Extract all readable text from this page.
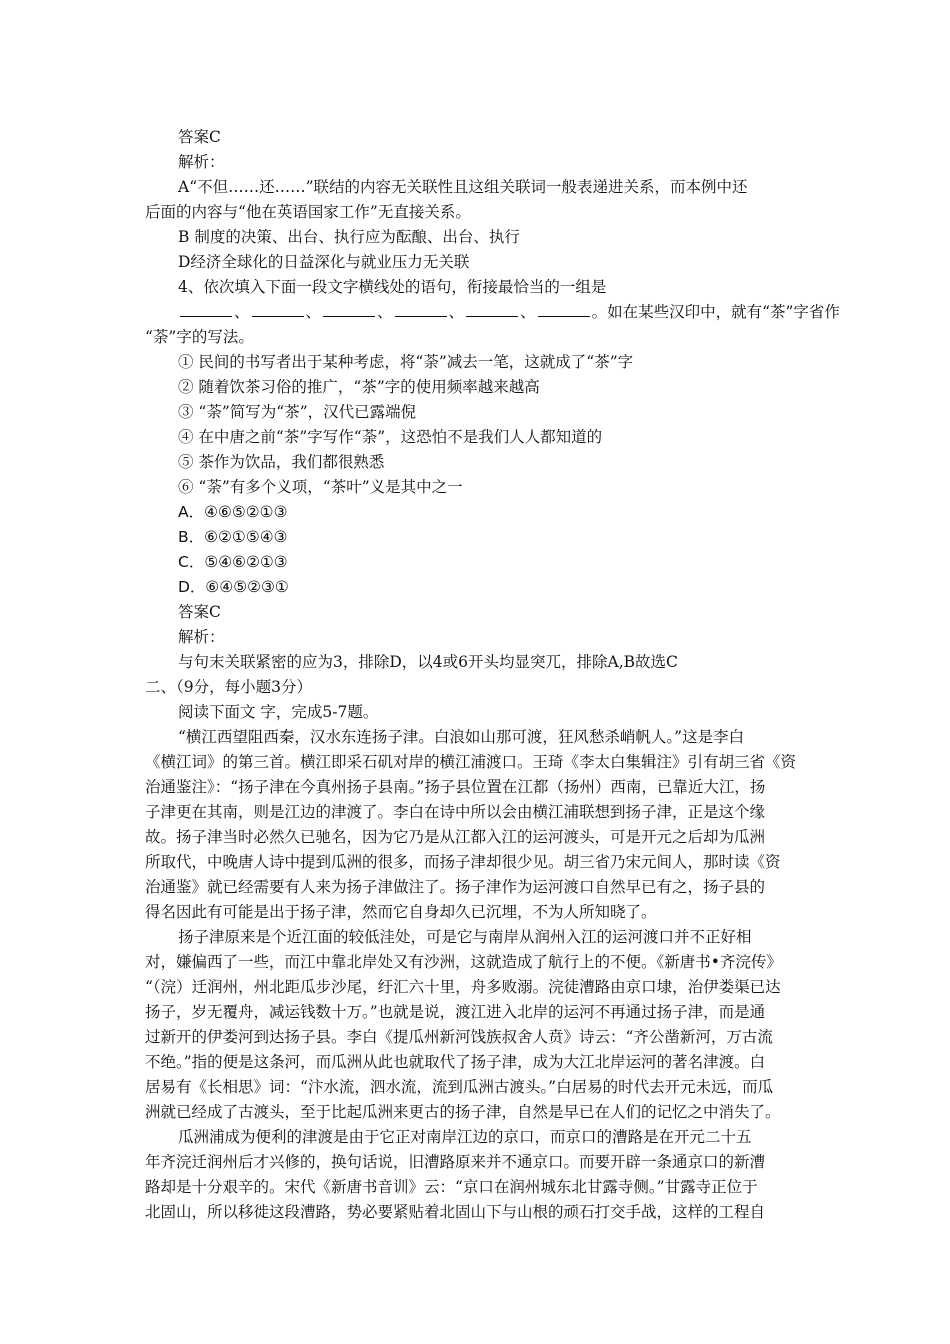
答案C
解析：
A“不但……还……”联结的内容无关联性且这组关联词一般表递进关系，而本例中还
后面的内容与“他在英语国家工作”无直接关系。
B 制度的决策、出台、执行应为酝酿、出台、执行
D经济全球化的日益深化与就业压力无关联
4、依次填入下面一段文字横线处的语句，衔接最恰当的一组是
、	、	、	、	、	。如在某些汉印中，就有“茶”字省作
“荼”字的写法。
① 民间的书写者出于某种考虑，将“荼”减去一笔，这就成了“茶”字
② 随着饮茶习俗的推广，“茶”字的使用频率越来越高
③ “荼”简写为“茶”，汉代已露端倪
④ 在中唐之前“茶”字写作“荼”，这恐怕不是我们人人都知道的
⑤ 茶作为饮品，我们都很熟悉
⑥ “荼”有多个义项，“茶叶”义是其中之一
A．④⑥⑤②①③
B．⑥②①⑤④③
C．⑤④⑥②①③
D．⑥④⑤②③①
答案C
解析：
与句末关联紧密的应为3，排除D，以4或6开头均显突兀，排除A,B故选C
二、（9分，每小题3分）
阅读下面文 字，完成5-7题。
“横江西望阻西秦，汉水东连扬子津。白浪如山那可渡，狂风愁杀峭帆人。”这是李白
《横江词》的第三首。横江即采石矶对岸的横江浦渡口。王琦《李太白集辑注》引有胡三省《资
治通鉴注》：“扬子津在今真州扬子县南。”扬子县位置在江都（扬州）西南，已靠近大江，扬
子津更在其南，则是江边的津渡了。李白在诗中所以会由横江浦联想到扬子津，正是这个缘
故。扬子津当时必然久已驰名，因为它乃是从江都入江的运河渡头，可是开元之后却为瓜洲
所取代，中晚唐人诗中提到瓜洲的很多，而扬子津却很少见。胡三省乃宋元间人，那时读《资
治通鉴》就已经需要有人来为扬子津做注了。扬子津作为运河渡口自然早已有之，扬子县的
得名因此有可能是出于扬子津，然而它自身却久已沉埋，不为人所知晓了。
扬子津原来是个近江面的较低洼处，可是它与南岸从润州入江的运河渡口并不正好相
对，嫌偏西了一些，而江中靠北岸处又有沙洲，这就造成了航行上的不便。《新唐书•齐浣传》
“（浣）迁润州，州北距瓜步沙尾，纡汇六十里，舟多败溺。浣徒漕路由京口埭，治伊娄渠已达
扬子，岁无覆舟，减运钱数十万。”也就是说，渡江进入北岸的运河不再通过扬子津，而是通
过新开的伊娄河到达扬子县。李白《提瓜州新河饯族叔舍人贲》诗云：“齐公凿新河，万古流
不绝。”指的便是这条河，而瓜洲从此也就取代了扬子津，成为大江北岸运河的著名津渡。白
居易有《长相思》词：“汴水流，泗水流，流到瓜洲古渡头。”白居易的时代去开元未远，而瓜
洲就已经成了古渡头，至于比起瓜洲来更古的扬子津，自然是早已在人们的记忆之中消失了。
瓜洲浦成为便利的津渡是由于它正对南岸江边的京口，而京口的漕路是在开元二十五
年齐浣迁润州后才兴修的，换句话说，旧漕路原来并不通京口。而要开辟一条通京口的新漕
路却是十分艰辛的。宋代《新唐书音训》云：“京口在润州城东北甘露寺侧。”甘露寺正位于
北固山，所以移徙这段漕路，势必要紧贴着北固山下与山根的顽石打交手战，这样的工程自
